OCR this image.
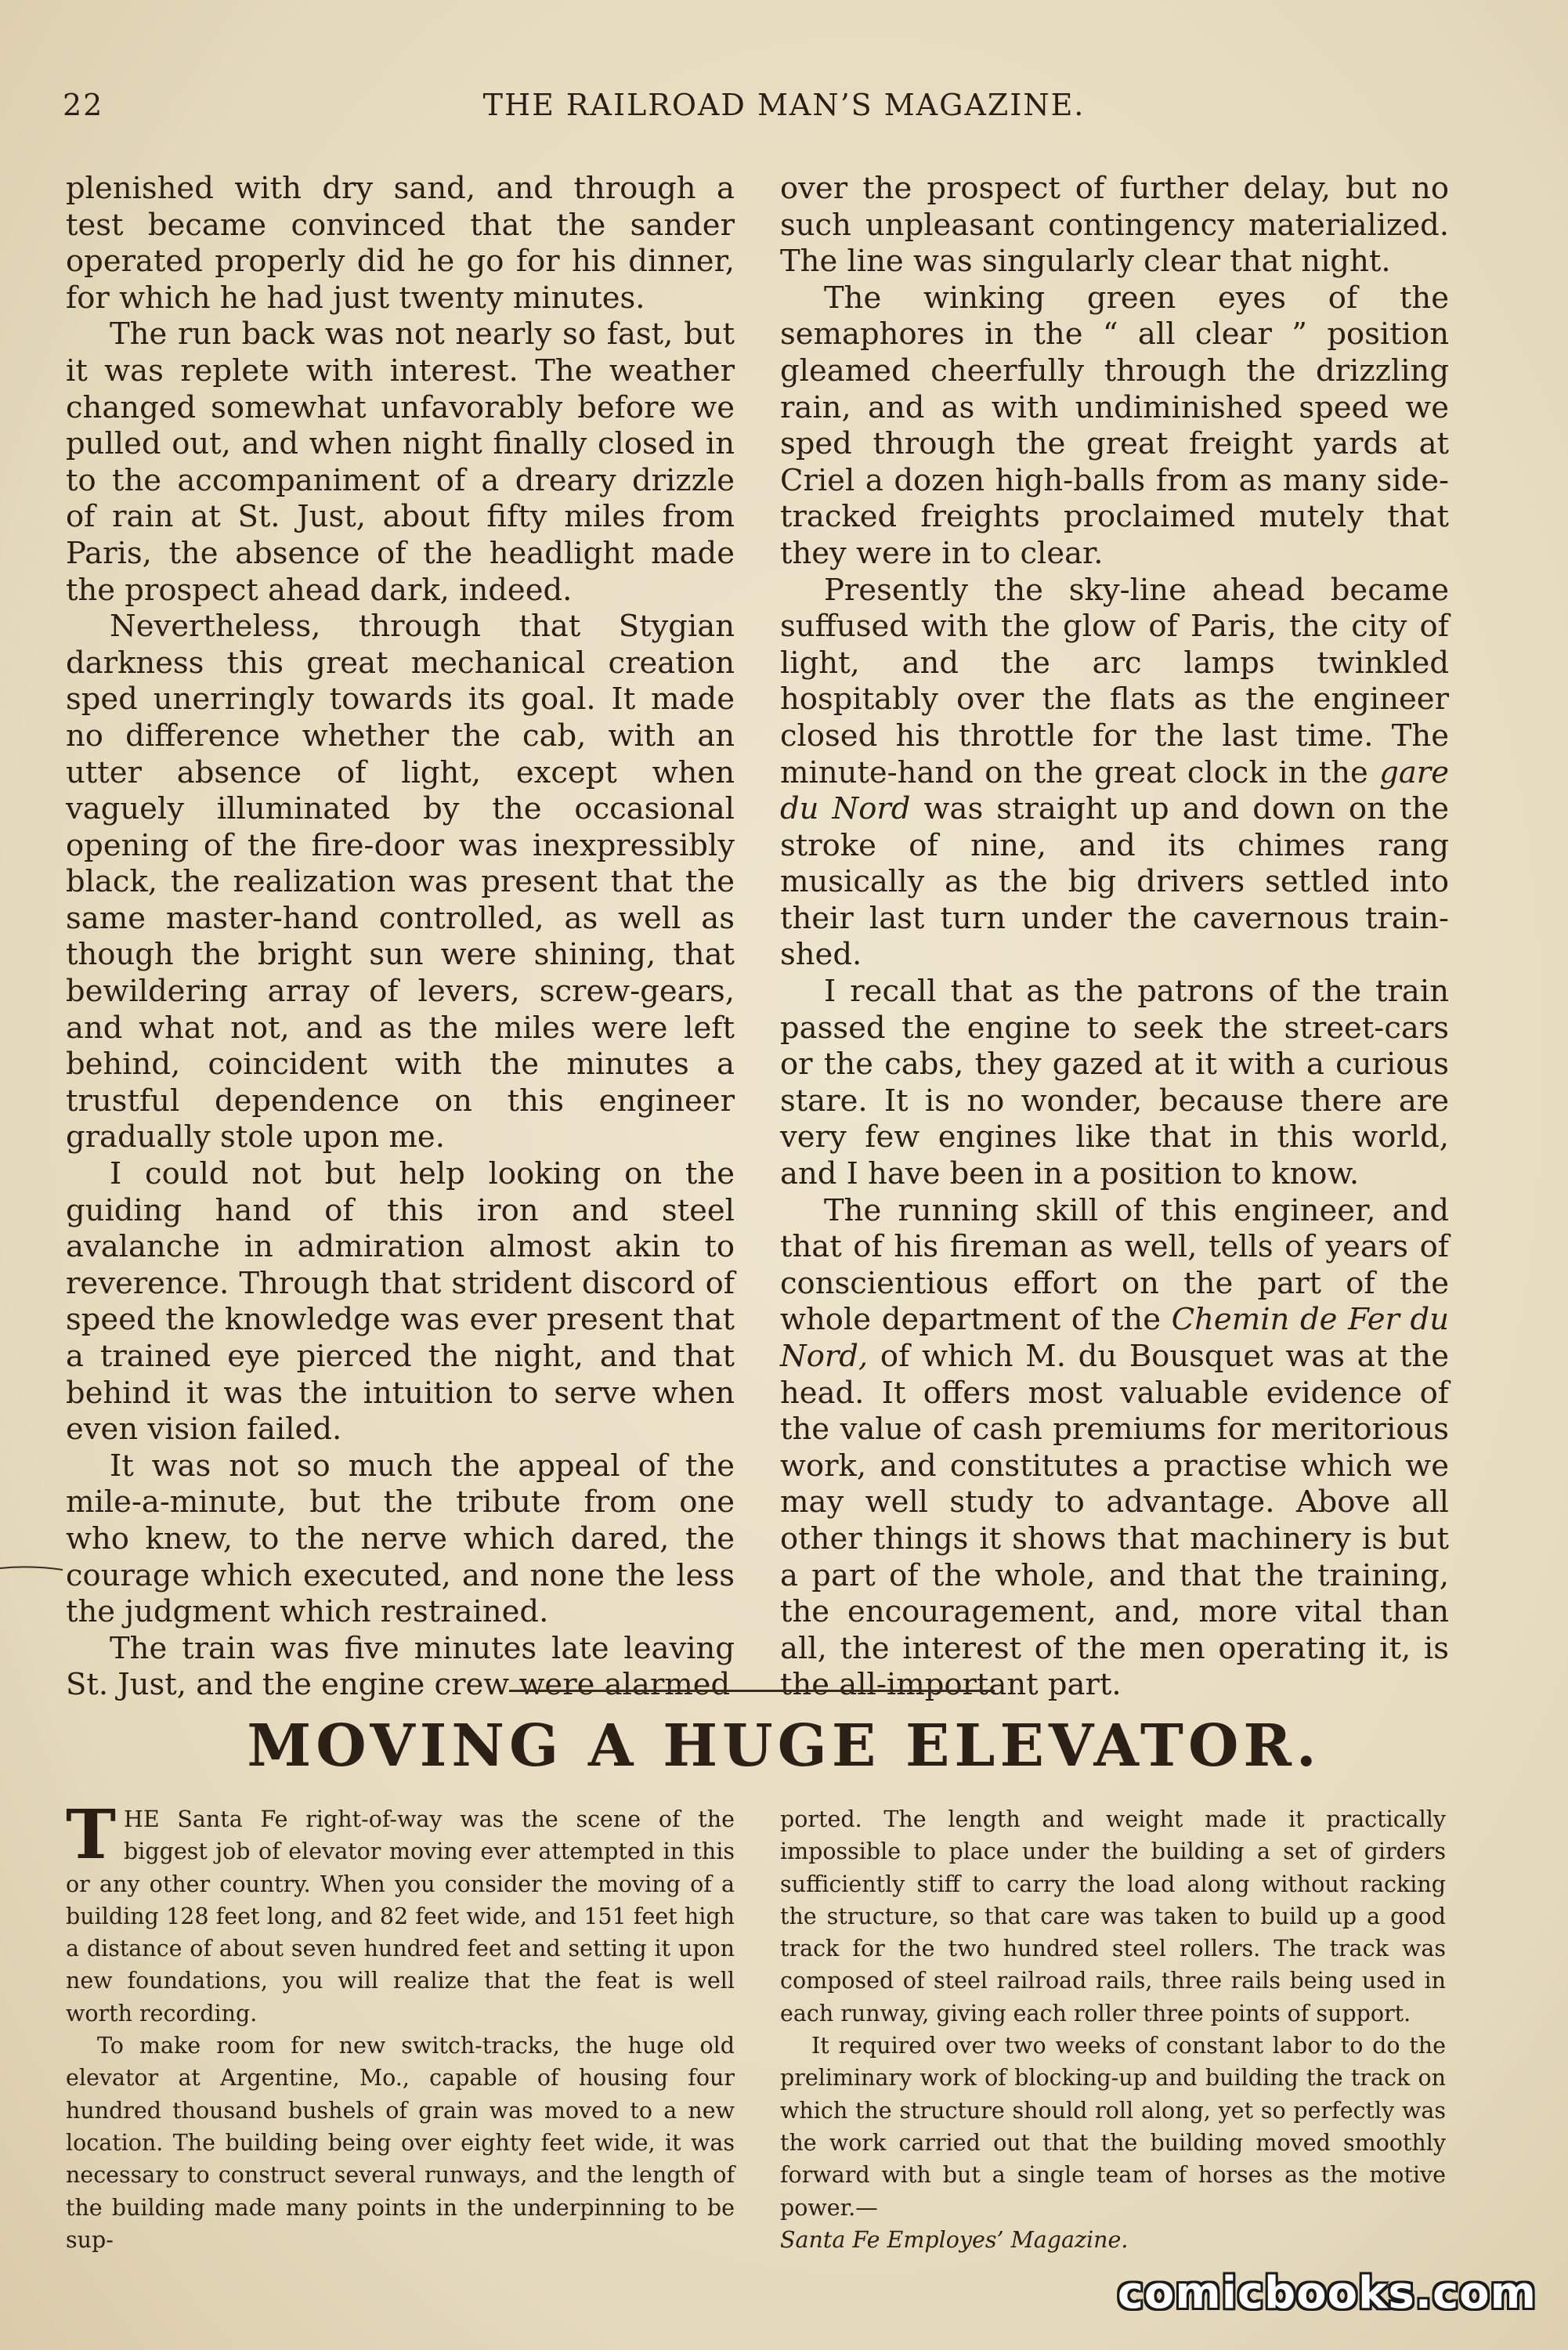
22	THE RAILROAD MAN’S MAGAZINE.

plenished with dry sand, and through a test became convinced that the sander operated properly did he go for his dinner, for which he had just twenty minutes.

The run back was not nearly so fast, but it was replete with interest. The weather changed somewhat unfavorably before we pulled out, and when night finally closed in to the accompaniment of a dreary drizzle of rain at St. Just, about fifty miles from Paris, the absence of the headlight made the prospect ahead dark, indeed.

Nevertheless, through that Stygian darkness this great mechanical creation sped unerringly towards its goal. It made no difference whether the cab, with an utter absence of light, except when vaguely illuminated by the occasional opening of the fire-door was inexpressibly black, the realization was present that the same master-hand controlled, as well as though the bright sun were shining, that bewildering array of levers, screw-gears, and what not, and as the miles were left behind, coincident with the minutes a trustful dependence on this engineer gradually stole upon me.

I could not but help looking on the guiding hand of this iron and steel avalanche in admiration almost akin to reverence. Through that strident discord of speed the knowledge was ever present that a trained eye pierced the night, and that behind it was the intuition to serve when even vision failed.

It was not so much the appeal of the mile-a-minute, but the tribute from one who knew, to the nerve which dared, the courage which executed, and none the less the judgment which restrained.

The train was five minutes late leaving St. Just, and the engine crew were alarmed

over the prospect of further delay, but no such unpleasant contingency materialized. The line was singularly clear that night.

The winking green eyes of the semaphores in the “ all clear ” position gleamed cheerfully through the drizzling rain, and as with undiminished speed we sped through the great freight yards at Criel a dozen high-balls from as many side-tracked freights proclaimed mutely that they were in to clear.

Presently the sky-line ahead became suffused with the glow of Paris, the city of light, and the arc lamps twinkled hospitably over the flats as the engineer closed his throttle for the last time. The minute-hand on the great clock in the gare du Nord was straight up and down on the stroke of nine, and its chimes rang musically as the big drivers settled into their last turn under the cavernous train-shed.

I recall that as the patrons of the train passed the engine to seek the street-cars or the cabs, they gazed at it with a curious stare. It is no wonder, because there are very few engines like that in this world, and I have been in a position to know.

The running skill of this engineer, and that of his fireman as well, tells of years of conscientious effort on the part of the whole department of the Chemin de Fer du Nord, of which M. du Bousquet was at the head. It offers most valuable evidence of the value of cash premiums for meritorious work, and constitutes a practise which we may well study to advantage. Above all other things it shows that machinery is but a part of the whole, and that the training, the encouragement, and, more vital than all, the interest of the men operating it, is the all-important part.

MOVING A HUGE ELEVATOR.

THE Santa Fe right-of-way was the scene of the biggest job of elevator moving ever attempted in this or any other country. When you consider the moving of a building 128 feet long, and 82 feet wide, and 151 feet high a distance of about seven hundred feet and setting it upon new foundations, you will realize that the feat is well worth recording.

To make room for new switch-tracks, the huge old elevator at Argentine, Mo., capable of housing four hundred thousand bushels of grain was moved to a new location. The building being over eighty feet wide, it was necessary to construct several runways, and the length of the building made many points in the underpinning to be sup-

ported. The length and weight made it practically impossible to place under the building a set of girders sufficiently stiff to carry the load along without racking the structure, so that care was taken to build up a good track for the two hundred steel rollers. The track was composed of steel railroad rails, three rails being used in each runway, giving each roller three points of support.

It required over two weeks of constant labor to do the preliminary work of blocking-up and building the track on which the structure should roll along, yet so perfectly was the work carried out that the building moved smoothly forward with but a single team of horses as the motive power.—

Santa Fe Employes’ Magazine.

comicbooks.com
